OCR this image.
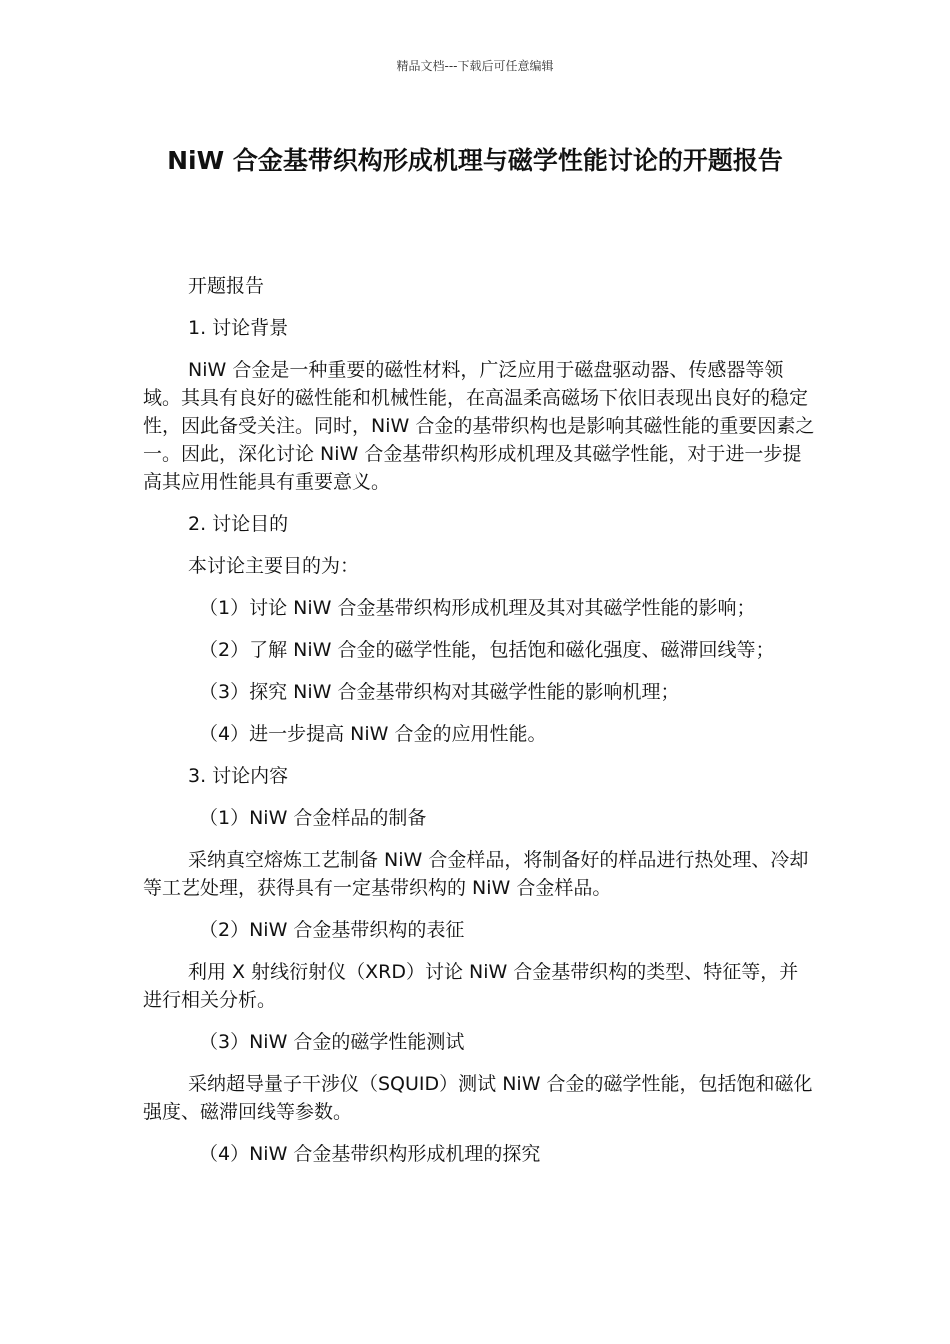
精品文档---下载后可任意编辑
NiW 合金基带织构形成机理与磁学性能讨论的开题报告

开题报告

1. 讨论背景

NiW 合金是一种重要的磁性材料，广泛应用于磁盘驱动器、传感器等领域。其具有良好的磁性能和机械性能，在高温柔高磁场下依旧表现出良好的稳定性，因此备受关注。同时，NiW 合金的基带织构也是影响其磁性能的重要因素之一。因此，深化讨论 NiW 合金基带织构形成机理及其磁学性能，对于进一步提高其应用性能具有重要意义。

2. 讨论目的

本讨论主要目的为：

（1）讨论 NiW 合金基带织构形成机理及其对其磁学性能的影响；

（2）了解 NiW 合金的磁学性能，包括饱和磁化强度、磁滞回线等；

（3）探究 NiW 合金基带织构对其磁学性能的影响机理；

（4）进一步提高 NiW 合金的应用性能。

3. 讨论内容

（1）NiW 合金样品的制备

采纳真空熔炼工艺制备 NiW 合金样品，将制备好的样品进行热处理、冷却等工艺处理，获得具有一定基带织构的 NiW 合金样品。

（2）NiW 合金基带织构的表征

利用 X 射线衍射仪（XRD）讨论 NiW 合金基带织构的类型、特征等，并进行相关分析。

（3）NiW 合金的磁学性能测试

采纳超导量子干涉仪（SQUID）测试 NiW 合金的磁学性能，包括饱和磁化强度、磁滞回线等参数。

（4）NiW 合金基带织构形成机理的探究
